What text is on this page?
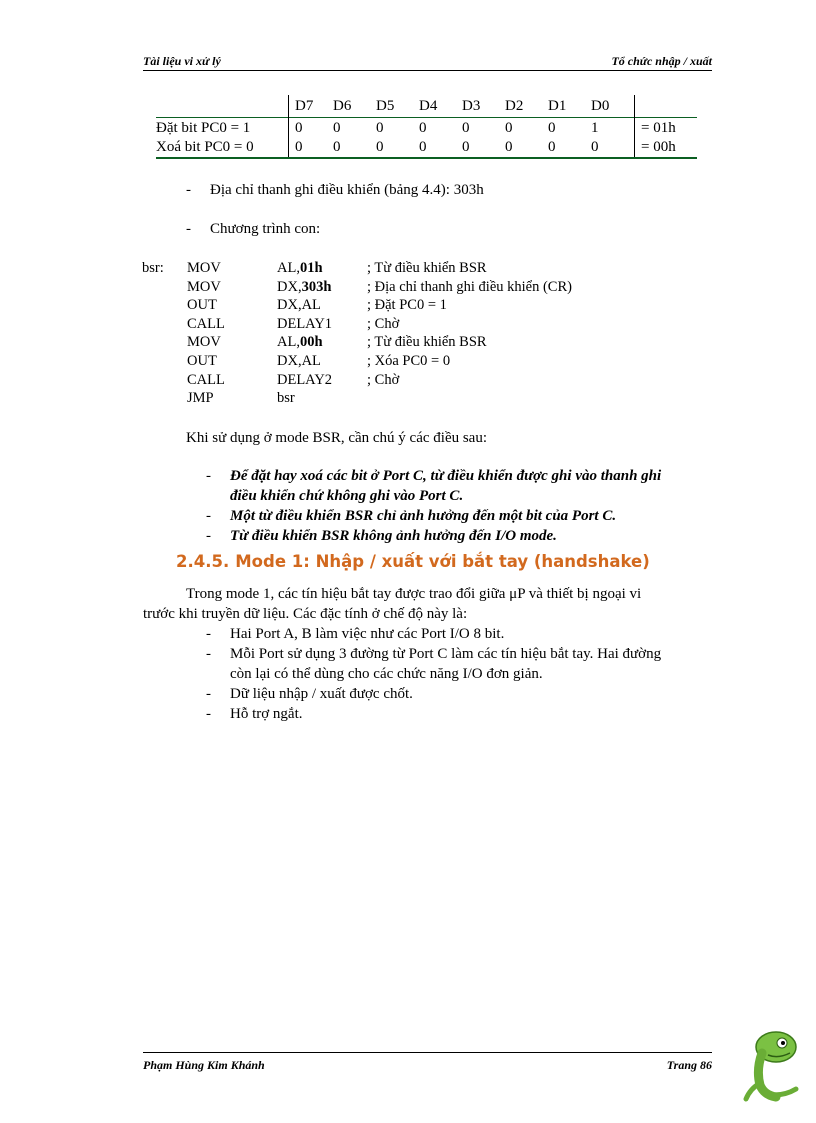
Tài liệu vi xử lý	Tổ chức nhập / xuất
	D7	D6	D5	D4	D3	D2	D1	D0	
Đặt bit PC0 = 1	0	0	0	0	0	0	0	1	= 01h
Xoá bit PC0 = 0	0	0	0	0	0	0	0	0	= 00h
- Địa chỉ thanh ghi điều khiển (bảng 4.4): 303h
- Chương trình con:
bsr: MOV	AL,01h	; Từ điều khiển BSR
MOV	DX,303h ; Địa chỉ thanh ghi điều khiển (CR)
OUT	DX,AL	; Đặt PC0 = 1
CALL	DELAY1 ; Chờ
MOV	AL,00h	; Từ điều khiển BSR
OUT	DX,AL	; Xóa PC0 = 0
CALL	DELAY2 ; Chờ
JMP	bsr
Khi sử dụng ở mode BSR, cần chú ý các điều sau:
- Để đặt hay xoá các bit ở Port C, từ điều khiển được ghi vào thanh ghi
điều khiển chứ không ghi vào Port C.
- Một từ điều khiển BSR chỉ ảnh hưởng đến một bit của Port C.
- Từ điều khiển BSR không ảnh hưởng đến I/O mode.
2.4.5. Mode 1: Nhập / xuất với bắt tay (handshake)
Trong mode 1, các tín hiệu bắt tay được trao đổi giữa μP và thiết bị ngoại vi
trước khi truyền dữ liệu. Các đặc tính ở chế độ này là:
- Hai Port A, B làm việc như các Port I/O 8 bit.
- Mỗi Port sử dụng 3 đường từ Port C làm các tín hiệu bắt tay. Hai đường
còn lại có thể dùng cho các chức năng I/O đơn giản.
- Dữ liệu nhập / xuất được chốt.
- Hỗ trợ ngắt.
Phạm Hùng Kim Khánh	Trang 86
